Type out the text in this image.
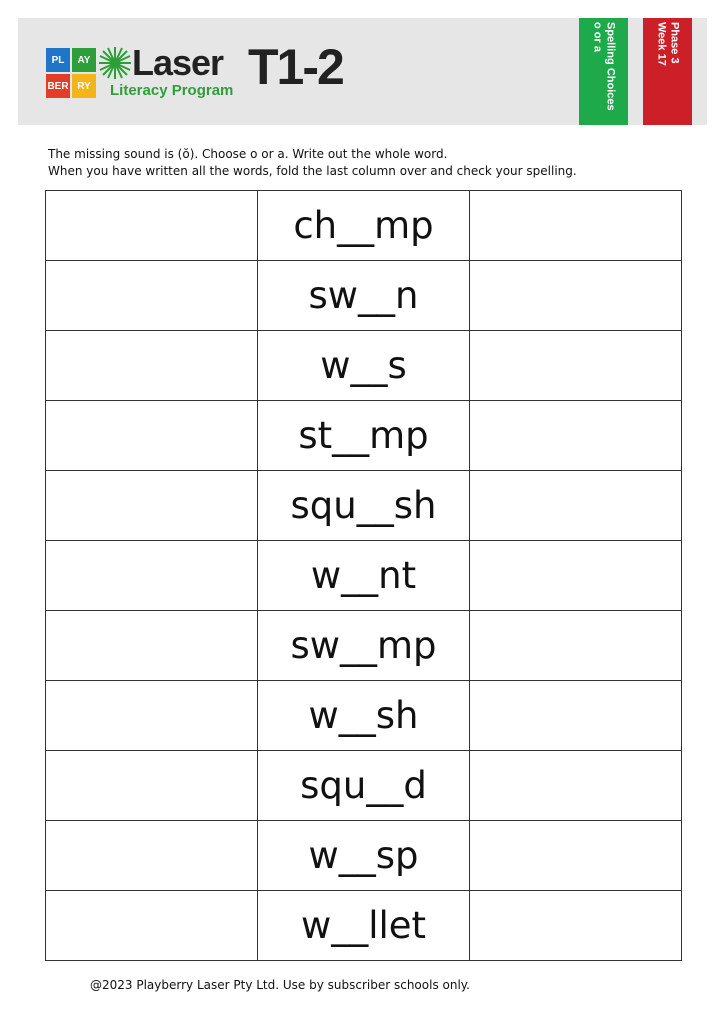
PL	AY
BER RY
Laser T1-2
Literacy Program	Spelling Choices
o or a	Phase 3
Week 17
The missing sound is (ŏ). Choose o or a. Write out the whole word.
When you have written all the words, fold the last column over and check your spelling.
	ch__mp	
	sw__n	
	w__s	
	st__mp	
	squ__sh	
	w__nt	
	sw__mp	
	w__sh	
	squ__d	
	w__sp	
	w__llet	
@2023 Playberry Laser Pty Ltd. Use by subscriber schools only.
